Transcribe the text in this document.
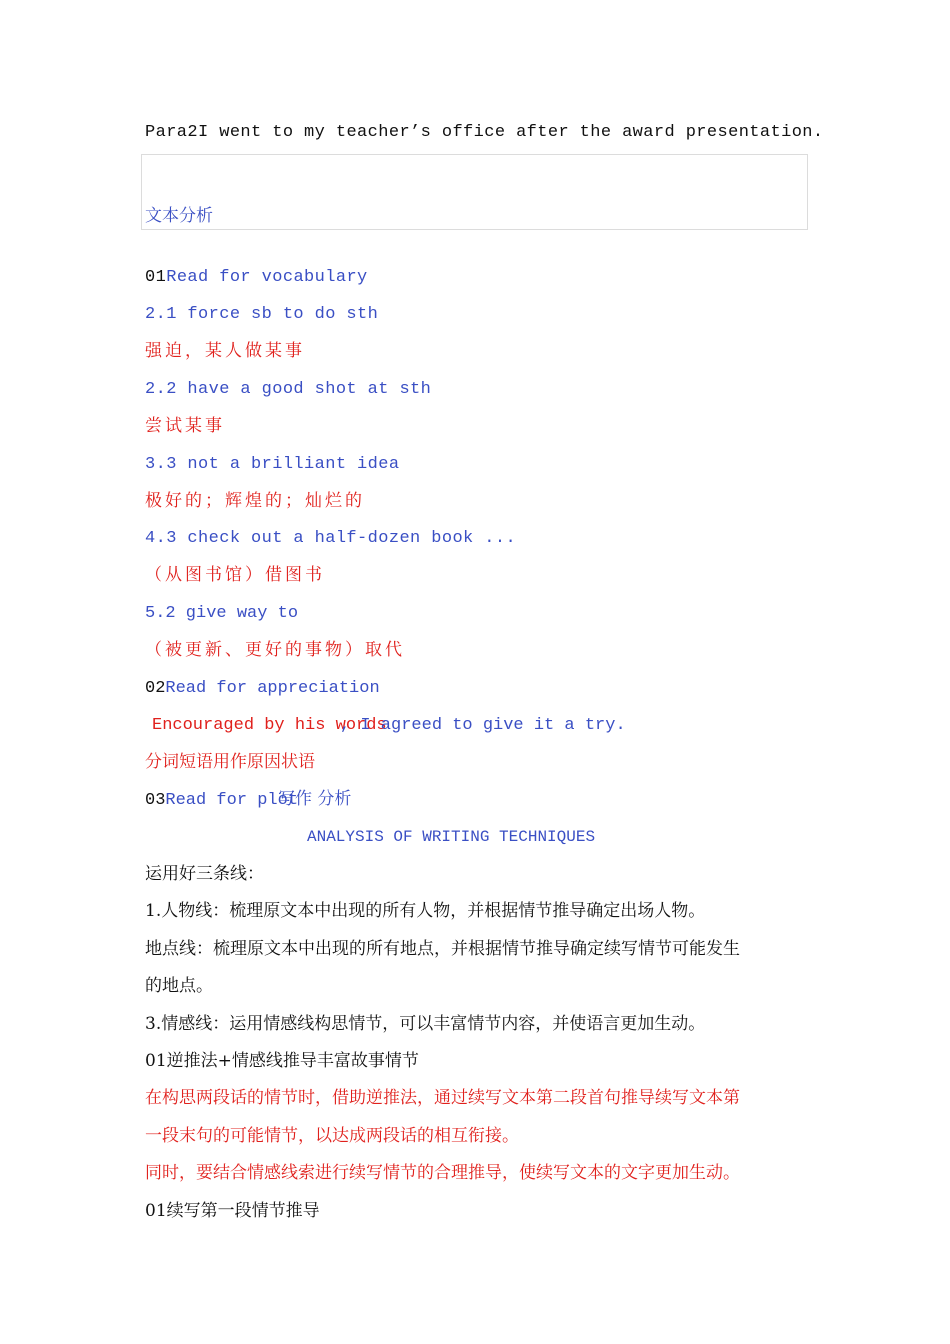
Para2I went to my teacher’s office after the award presentation.
文本分析
01Read for vocabulary
2.1 force sb to do sth
强迫，某人做某事
2.2 have a good shot at sth
尝试某事
3.3 not a brilliant idea
极好的；辉煌的；灿烂的
4.3 check out a half-dozen book ...
（从图书馆）借图书
5.2 give way to
（被更新、更好的事物）取代
02Read for appreciation
Encouraged by his words
, I agreed to give it a try.
分词短语用作原因状语
03Read for plot
写作 分析
ANALYSIS OF WRITING TECHNIQUES
运用好三条线：
1.人物线：梳理原文本中出现的所有人物，并根据情节推导确定出场人物。
地点线：梳理原文本中出现的所有地点，并根据情节推导确定续写情节可能发生
的地点。
3.情感线：运用情感线构思情节，可以丰富情节内容，并使语言更加生动。
01逆推法+情感线推导丰富故事情节
在构思两段话的情节时，借助逆推法，通过续写文本第二段首句推导续写文本第
一段末句的可能情节，以达成两段话的相互衔接。
同时，要结合情感线索进行续写情节的合理推导，使续写文本的文字更加生动。
01续写第一段情节推导
